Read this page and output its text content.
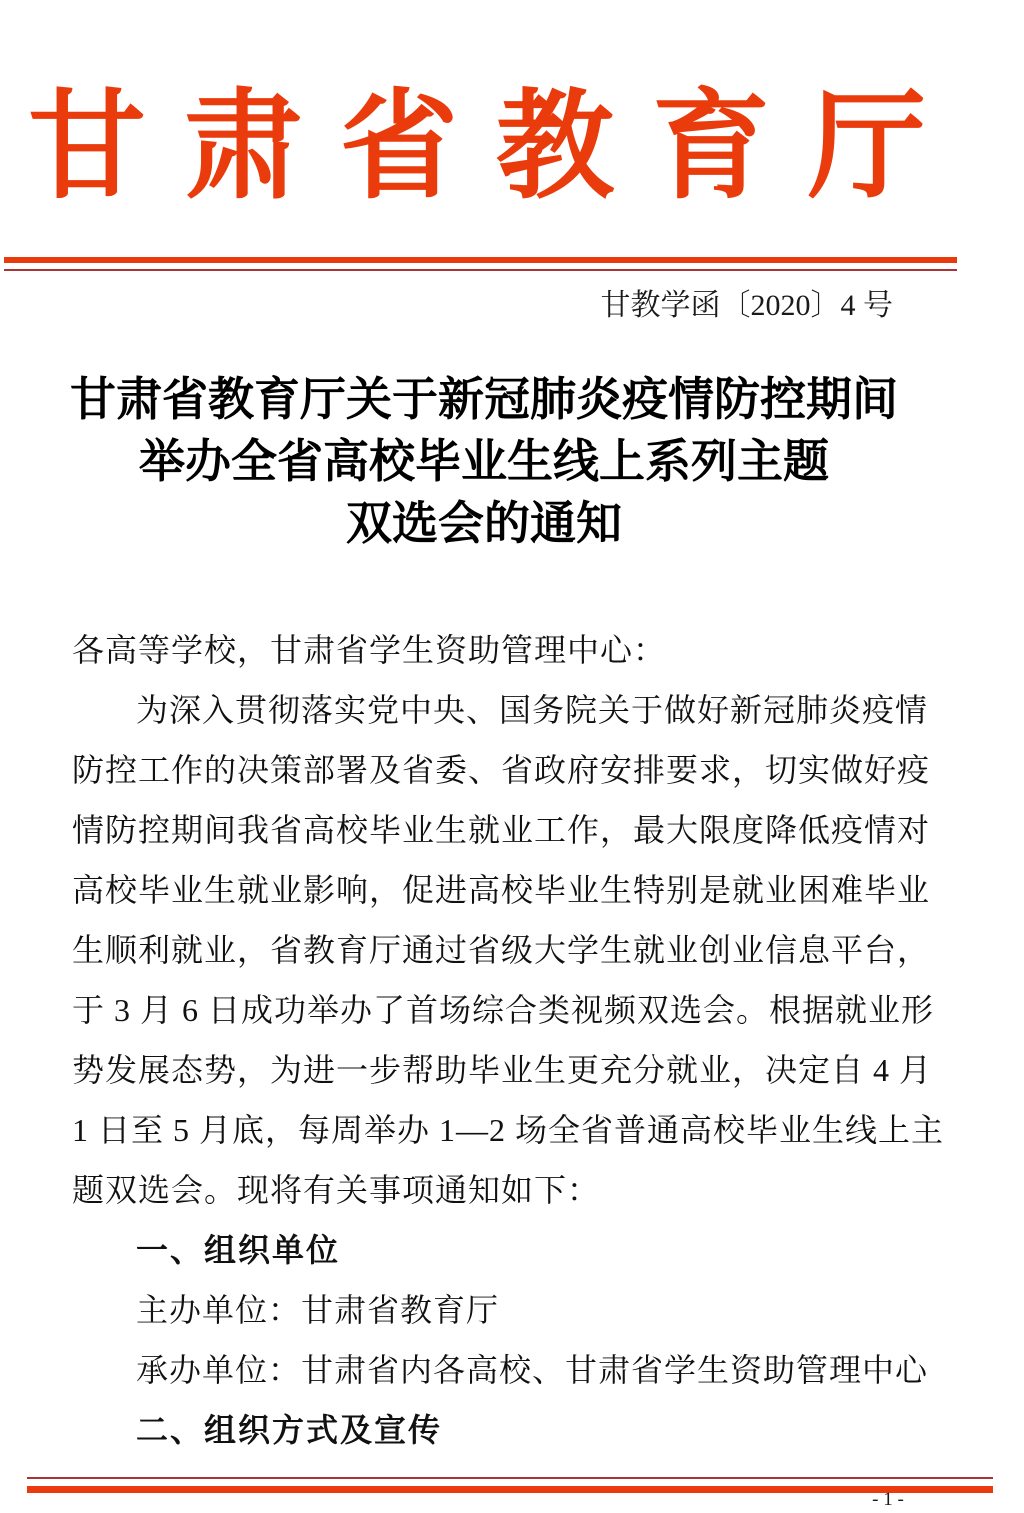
甘肃省教育厅
甘教学函〔2020〕4 号
甘肃省教育厅关于新冠肺炎疫情防控期间
举办全省高校毕业生线上系列主题
双选会的通知
各高等学校，甘肃省学生资助管理中心：
为深入贯彻落实党中央、国务院关于做好新冠肺炎疫情
防控工作的决策部署及省委、省政府安排要求，切实做好疫
情防控期间我省高校毕业生就业工作，最大限度降低疫情对
高校毕业生就业影响，促进高校毕业生特别是就业困难毕业
生顺利就业，省教育厅通过省级大学生就业创业信息平台，
于 3 月 6 日成功举办了首场综合类视频双选会。根据就业形
势发展态势，为进一步帮助毕业生更充分就业，决定自 4 月
1 日至 5 月底，每周举办 1—2 场全省普通高校毕业生线上主
题双选会。现将有关事项通知如下：
一、组织单位
主办单位：甘肃省教育厅
承办单位：甘肃省内各高校、甘肃省学生资助管理中心
二、组织方式及宣传
- 1 -
